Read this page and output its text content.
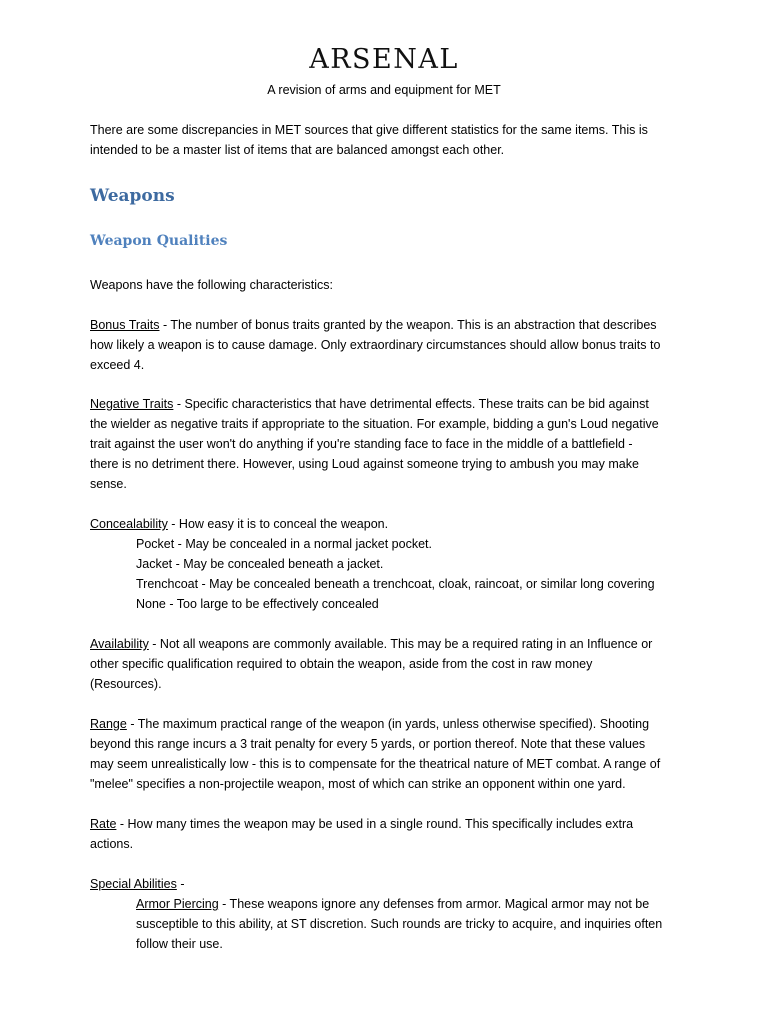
ARSENAL
A revision of arms and equipment for MET
There are some discrepancies in MET sources that give different statistics for the same items. This is
intended to be a master list of items that are balanced amongst each other.
Weapons
Weapon Qualities
Weapons have the following characteristics:
Bonus Traits - The number of bonus traits granted by the weapon. This is an abstraction that describes
how likely a weapon is to cause damage. Only extraordinary circumstances should allow bonus traits to
exceed 4.
Negative Traits - Specific characteristics that have detrimental effects. These traits can be bid against
the wielder as negative traits if appropriate to the situation. For example, bidding a gun's Loud negative
trait against the user won't do anything if you're standing face to face in the middle of a battlefield -
there is no detriment there. However, using Loud against someone trying to ambush you may make
sense.
Concealability - How easy it is to conceal the weapon.
Pocket - May be concealed in a normal jacket pocket.
Jacket - May be concealed beneath a jacket.
Trenchcoat - May be concealed beneath a trenchcoat, cloak, raincoat, or similar long covering
None - Too large to be effectively concealed
Availability - Not all weapons are commonly available. This may be a required rating in an Influence or
other specific qualification required to obtain the weapon, aside from the cost in raw money
(Resources).
Range - The maximum practical range of the weapon (in yards, unless otherwise specified). Shooting
beyond this range incurs a 3 trait penalty for every 5 yards, or portion thereof. Note that these values
may seem unrealistically low - this is to compensate for the theatrical nature of MET combat. A range of
"melee" specifies a non-projectile weapon, most of which can strike an opponent within one yard.
Rate - How many times the weapon may be used in a single round. This specifically includes extra
actions.
Special Abilities -
Armor Piercing - These weapons ignore any defenses from armor. Magical armor may not be
susceptible to this ability, at ST discretion. Such rounds are tricky to acquire, and inquiries often
follow their use.
